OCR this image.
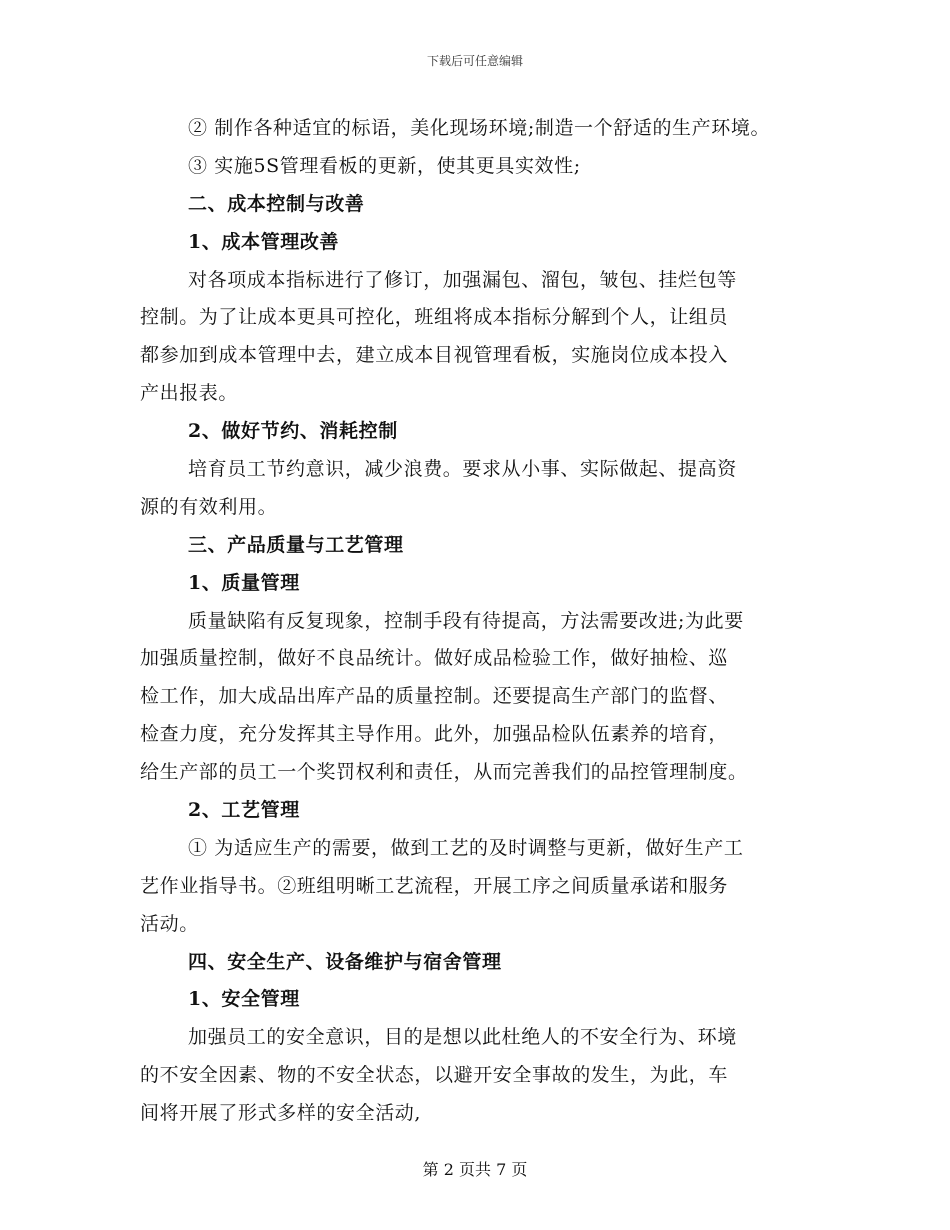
下载后可任意编辑
② 制作各种适宜的标语，美化现场环境;制造一个舒适的生产环境。
③ 实施5S管理看板的更新，使其更具实效性;
二、成本控制与改善
1、成本管理改善
对各项成本指标进行了修订，加强漏包、溜包，皱包、挂烂包等
控制。为了让成本更具可控化，班组将成本指标分解到个人，让组员
都参加到成本管理中去，建立成本目视管理看板，实施岗位成本投入
产出报表。
2、做好节约、消耗控制
培育员工节约意识，减少浪费。要求从小事、实际做起、提高资
源的有效利用。
三、产品质量与工艺管理
1、质量管理
质量缺陷有反复现象，控制手段有待提高，方法需要改进;为此要
加强质量控制，做好不良品统计。做好成品检验工作，做好抽检、巡
检工作，加大成品出库产品的质量控制。还要提高生产部门的监督、
检查力度，充分发挥其主导作用。此外，加强品检队伍素养的培育，
给生产部的员工一个奖罚权利和责任，从而完善我们的品控管理制度。
2、工艺管理
① 为适应生产的需要，做到工艺的及时调整与更新，做好生产工
艺作业指导书。②班组明晰工艺流程，开展工序之间质量承诺和服务
活动。
四、安全生产、设备维护与宿舍管理
1、安全管理
加强员工的安全意识，目的是想以此杜绝人的不安全行为、环境
的不安全因素、物的不安全状态，以避开安全事故的发生，为此，车
间将开展了形式多样的安全活动,
第 2 页共 7 页
